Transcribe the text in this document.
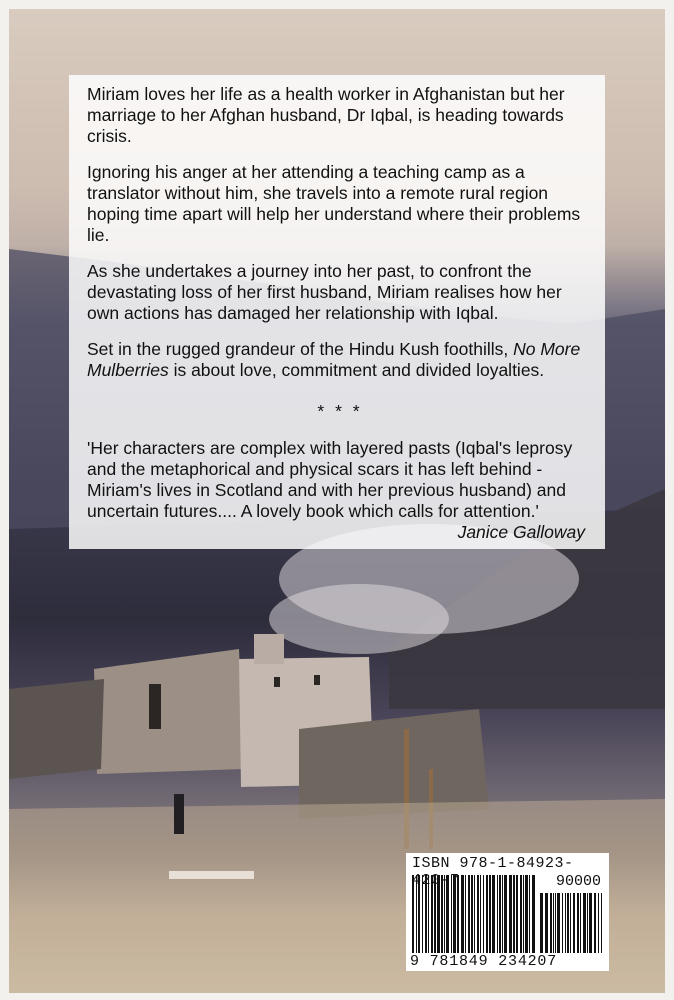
Miriam loves her life as a health worker in Afghanistan but her marriage to her Afghan husband, Dr Iqbal, is heading towards crisis.

Ignoring his anger at her attending a teaching camp as a translator without him, she travels into a remote rural region hoping time apart will help her understand where their problems lie.

As she undertakes a journey into her past, to confront the devastating loss of her first husband, Miriam realises how her own actions has damaged her relationship with Iqbal.

Set in the rugged grandeur of the Hindu Kush foothills, No More Mulberries is about love, commitment and divided loyalties.

* * *

'Her characters are complex with layered pasts (Iqbal's leprosy and the metaphorical and physical scars it has left behind - Miriam's lives in Scotland and with her previous husband) and uncertain futures.... A lovely book which calls for attention.'

Janice Galloway

ISBN 978-1-84923-420-7	90000
9 781849 234207
